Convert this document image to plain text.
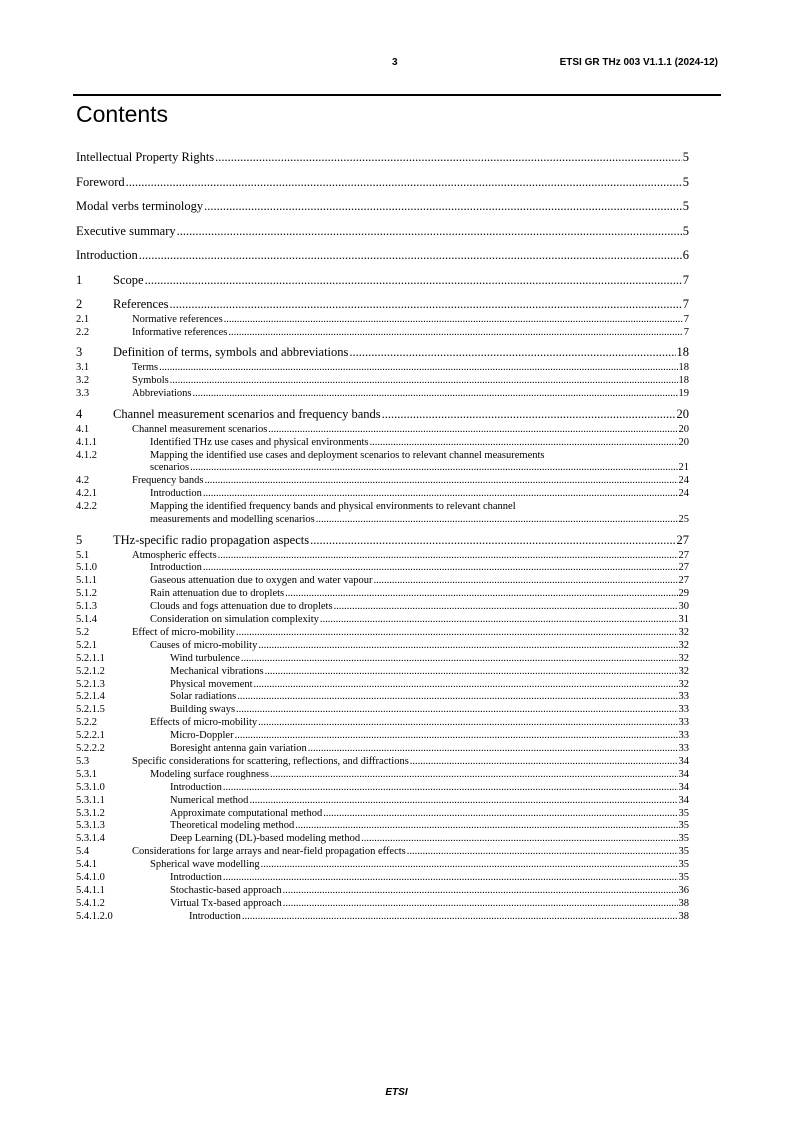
3	ETSI GR THz 003 V1.1.1 (2024-12)
Contents
Intellectual Property Rights .....	5
Foreword .....	5
Modal verbs terminology .....	5
Executive summary .....	5
Introduction .....	6
1 Scope .....	7
2 References .....	7
2.1	Normative references .....	7
2.2	Informative references .....	7
3 Definition of terms, symbols and abbreviations .....	18
3.1	Terms .....	18
3.2	Symbols .....	18
3.3	Abbreviations .....	19
4 Channel measurement scenarios and frequency bands .....	20
4.1	Channel measurement scenarios .....	20
4.1.1	Identified THz use cases and physical environments .....	20
4.1.2	Mapping the identified use cases and deployment scenarios to relevant channel measurements
scenarios .....	21
4.2	Frequency bands .....	24
4.2.1	Introduction .....	24
4.2.2	Mapping the identified frequency bands and physical environments to relevant channel
measurements and modelling scenarios .....	25
5 THz-specific radio propagation aspects .....	27
5.1	Atmospheric effects .....	27
5.1.0	Introduction .....	27
5.1.1	Gaseous attenuation due to oxygen and water vapour .....	27
5.1.2	Rain attenuation due to droplets .....	29
5.1.3	Clouds and fogs attenuation due to droplets .....	30
5.1.4	Consideration on simulation complexity .....	31
5.2	Effect of micro-mobility .....	32
5.2.1	Causes of micro-mobility .....	32
5.2.1.1	Wind turbulence .....	32
5.2.1.2	Mechanical vibrations .....	32
5.2.1.3	Physical movement .....	32
5.2.1.4	Solar radiations .....	33
5.2.1.5	Building sways .....	33
5.2.2	Effects of micro-mobility .....	33
5.2.2.1	Micro-Doppler .....	33
5.2.2.2	Boresight antenna gain variation .....	33
5.3	Specific considerations for scattering, reflections, and diffractions .....	34
5.3.1	Modeling surface roughness .....	34
5.3.1.0	Introduction .....	34
5.3.1.1	Numerical method .....	34
5.3.1.2	Approximate computational method .....	35
5.3.1.3	Theoretical modeling method .....	35
5.3.1.4	Deep Learning (DL)-based modeling method .....	35
5.4	Considerations for large arrays and near-field propagation effects .....	35
5.4.1	Spherical wave modelling .....	35
5.4.1.0	Introduction .....	35
5.4.1.1	Stochastic-based approach .....	36
5.4.1.2	Virtual Tx-based approach .....	38
5.4.1.2.0	Introduction .....	38
ETSI
